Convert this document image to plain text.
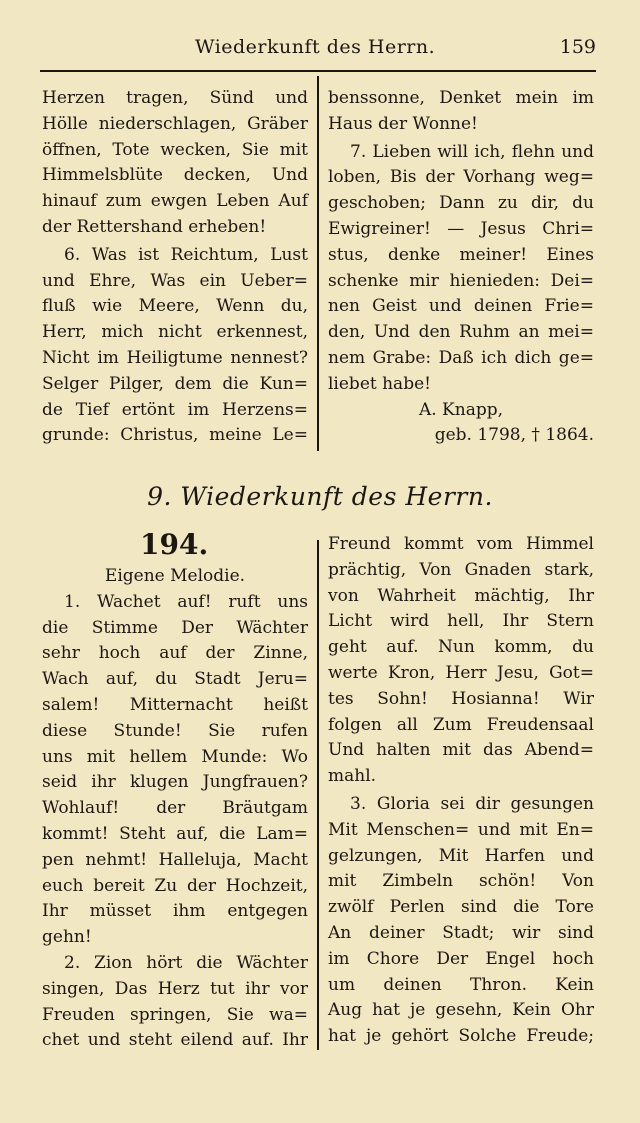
Wiederkunft des Herrn.	159
Herzen tragen, Sünd und
Hölle niederschlagen, Gräber
öffnen, Tote wecken, Sie mit
Himmelsblüte decken, Und
hinauf zum ewgen Leben Auf
der Rettershand erheben!
6. Was ist Reichtum, Lust
und Ehre, Was ein Ueber=
fluß wie Meere, Wenn du,
Herr, mich nicht erkennest,
Nicht im Heiligtume nennest?
Selger Pilger, dem die Kun=
de Tief ertönt im Herzens=
grunde: Christus, meine Le=
benssonne, Denket mein im
Haus der Wonne!
7. Lieben will ich, flehn und
loben, Bis der Vorhang weg=
geschoben; Dann zu dir, du
Ewigreiner! — Jesus Chri=
stus, denke meiner! Eines
schenke mir hienieden: Dei=
nen Geist und deinen Frie=
den, Und den Ruhm an mei=
nem Grabe: Daß ich dich ge=
liebet habe!
A. Knapp,
geb. 1798, † 1864.
9. Wiederkunft des Herrn.
194.
Eigene Melodie.
1. Wachet auf! ruft uns
die Stimme Der Wächter
sehr hoch auf der Zinne,
Wach auf, du Stadt Jeru=
salem! Mitternacht heißt
diese Stunde! Sie rufen
uns mit hellem Munde: Wo
seid ihr klugen Jungfrauen?
Wohlauf! der Bräutgam
kommt! Steht auf, die Lam=
pen nehmt! Halleluja, Macht
euch bereit Zu der Hochzeit,
Ihr müsset ihm entgegen
gehn!
2. Zion hört die Wächter
singen, Das Herz tut ihr vor
Freuden springen, Sie wa=
chet und steht eilend auf. Ihr
Freund kommt vom Himmel
prächtig, Von Gnaden stark,
von Wahrheit mächtig, Ihr
Licht wird hell, Ihr Stern
geht auf. Nun komm, du
werte Kron, Herr Jesu, Got=
tes Sohn! Hosianna! Wir
folgen all Zum Freudensaal
Und halten mit das Abend=
mahl.
3. Gloria sei dir gesungen
Mit Menschen= und mit En=
gelzungen, Mit Harfen und
mit Zimbeln schön! Von
zwölf Perlen sind die Tore
An deiner Stadt; wir sind
im Chore Der Engel hoch
um deinen Thron. Kein
Aug hat je gesehn, Kein Ohr
hat je gehört Solche Freude;
